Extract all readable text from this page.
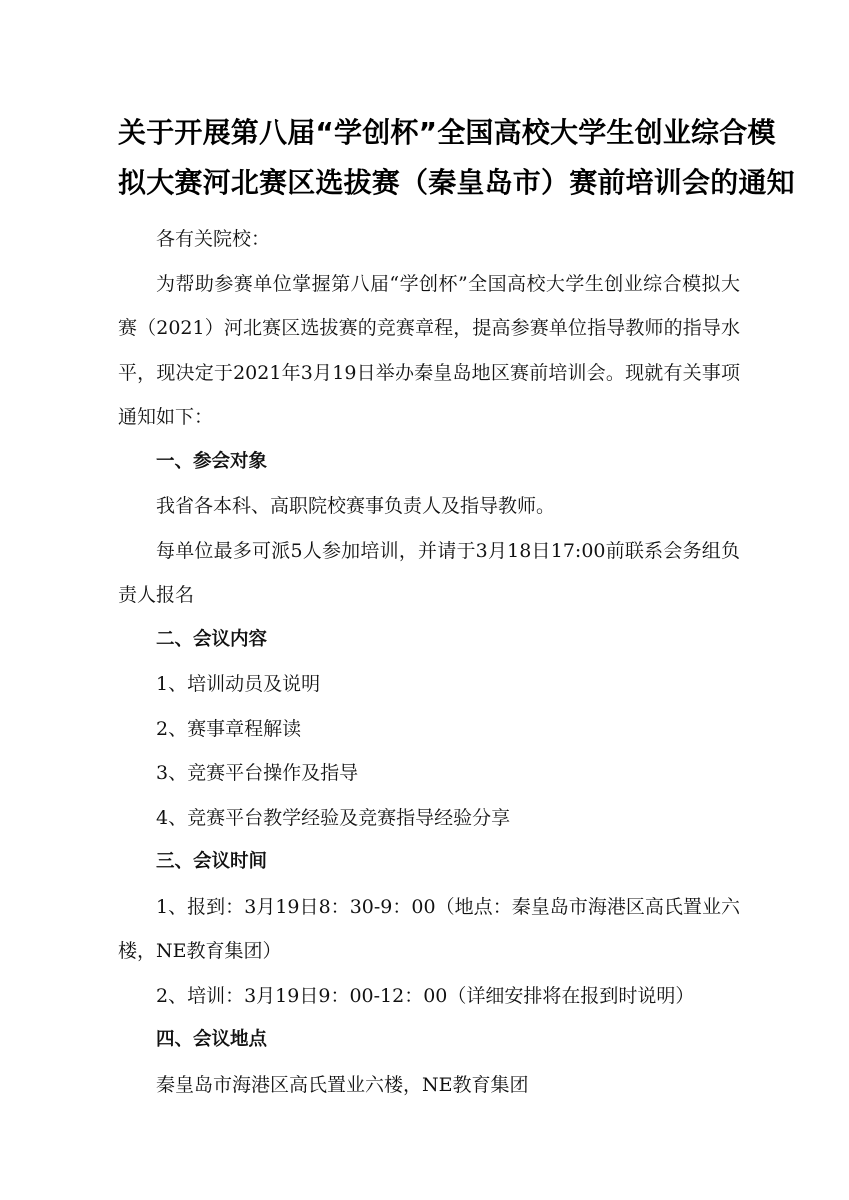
关于开展第八届“学创杯”全国高校大学生创业综合模
拟大赛河北赛区选拔赛（秦皇岛市）赛前培训会的通知

各有关院校：

为帮助参赛单位掌握第八届“学创杯”全国高校大学生创业综合模拟大赛（2021）河北赛区选拔赛的竞赛章程，提高参赛单位指导教师的指导水平，现决定于2021年3月19日举办秦皇岛地区赛前培训会。现就有关事项通知如下：

一、参会对象

我省各本科、高职院校赛事负责人及指导教师。

每单位最多可派5人参加培训，并请于3月18日17:00前联系会务组负责人报名

二、会议内容

1、培训动员及说明

2、赛事章程解读

3、竞赛平台操作及指导

4、竞赛平台教学经验及竞赛指导经验分享

三、会议时间

1、报到：3月19日8：30-9：00（地点：秦皇岛市海港区高氏置业六楼，NE教育集团）

2、培训：3月19日9：00-12：00（详细安排将在报到时说明）

四、会议地点

秦皇岛市海港区高氏置业六楼，NE教育集团
